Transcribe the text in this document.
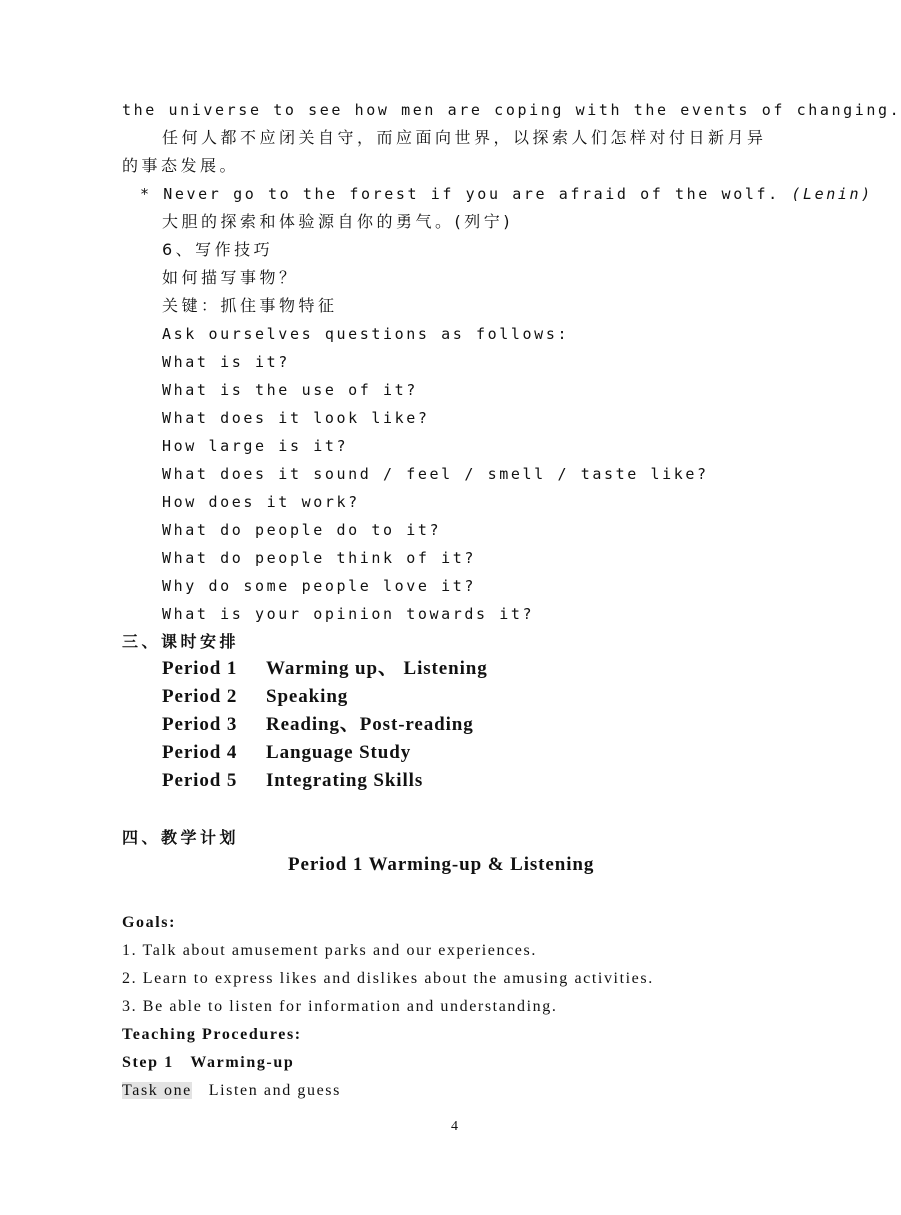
the universe to see how men are coping with the events of changing.
任何人都不应闭关自守，而应面向世界，以探索人们怎样对付日新月异
的事态发展。
* Never go to the forest if you are afraid of the wolf. (Lenin)
大胆的探索和体验源自你的勇气。(列宁)
6、写作技巧
如何描写事物？
关键：抓住事物特征
Ask ourselves questions as follows:
What is it?
What is the use of it?
What does it look like?
How large is it?
What does it sound / feel / smell / taste like?
How does it work?
What do people do to it?
What do people think of it?
Why do some people love it?
What is your opinion towards it?
三、课时安排
Period 1 Warming up、 Listening
Period 2 Speaking
Period 3 Reading、Post-reading
Period 4 Language Study
Period 5 Integrating Skills
四、教学计划
Period 1 Warming-up & Listening
Goals:
1. Talk about amusement parks and our experiences.
2. Learn to express likes and dislikes about the amusing activities.
3. Be able to listen for information and understanding.
Teaching Procedures:
Step 1   Warming-up
Task one Listen and guess
4
